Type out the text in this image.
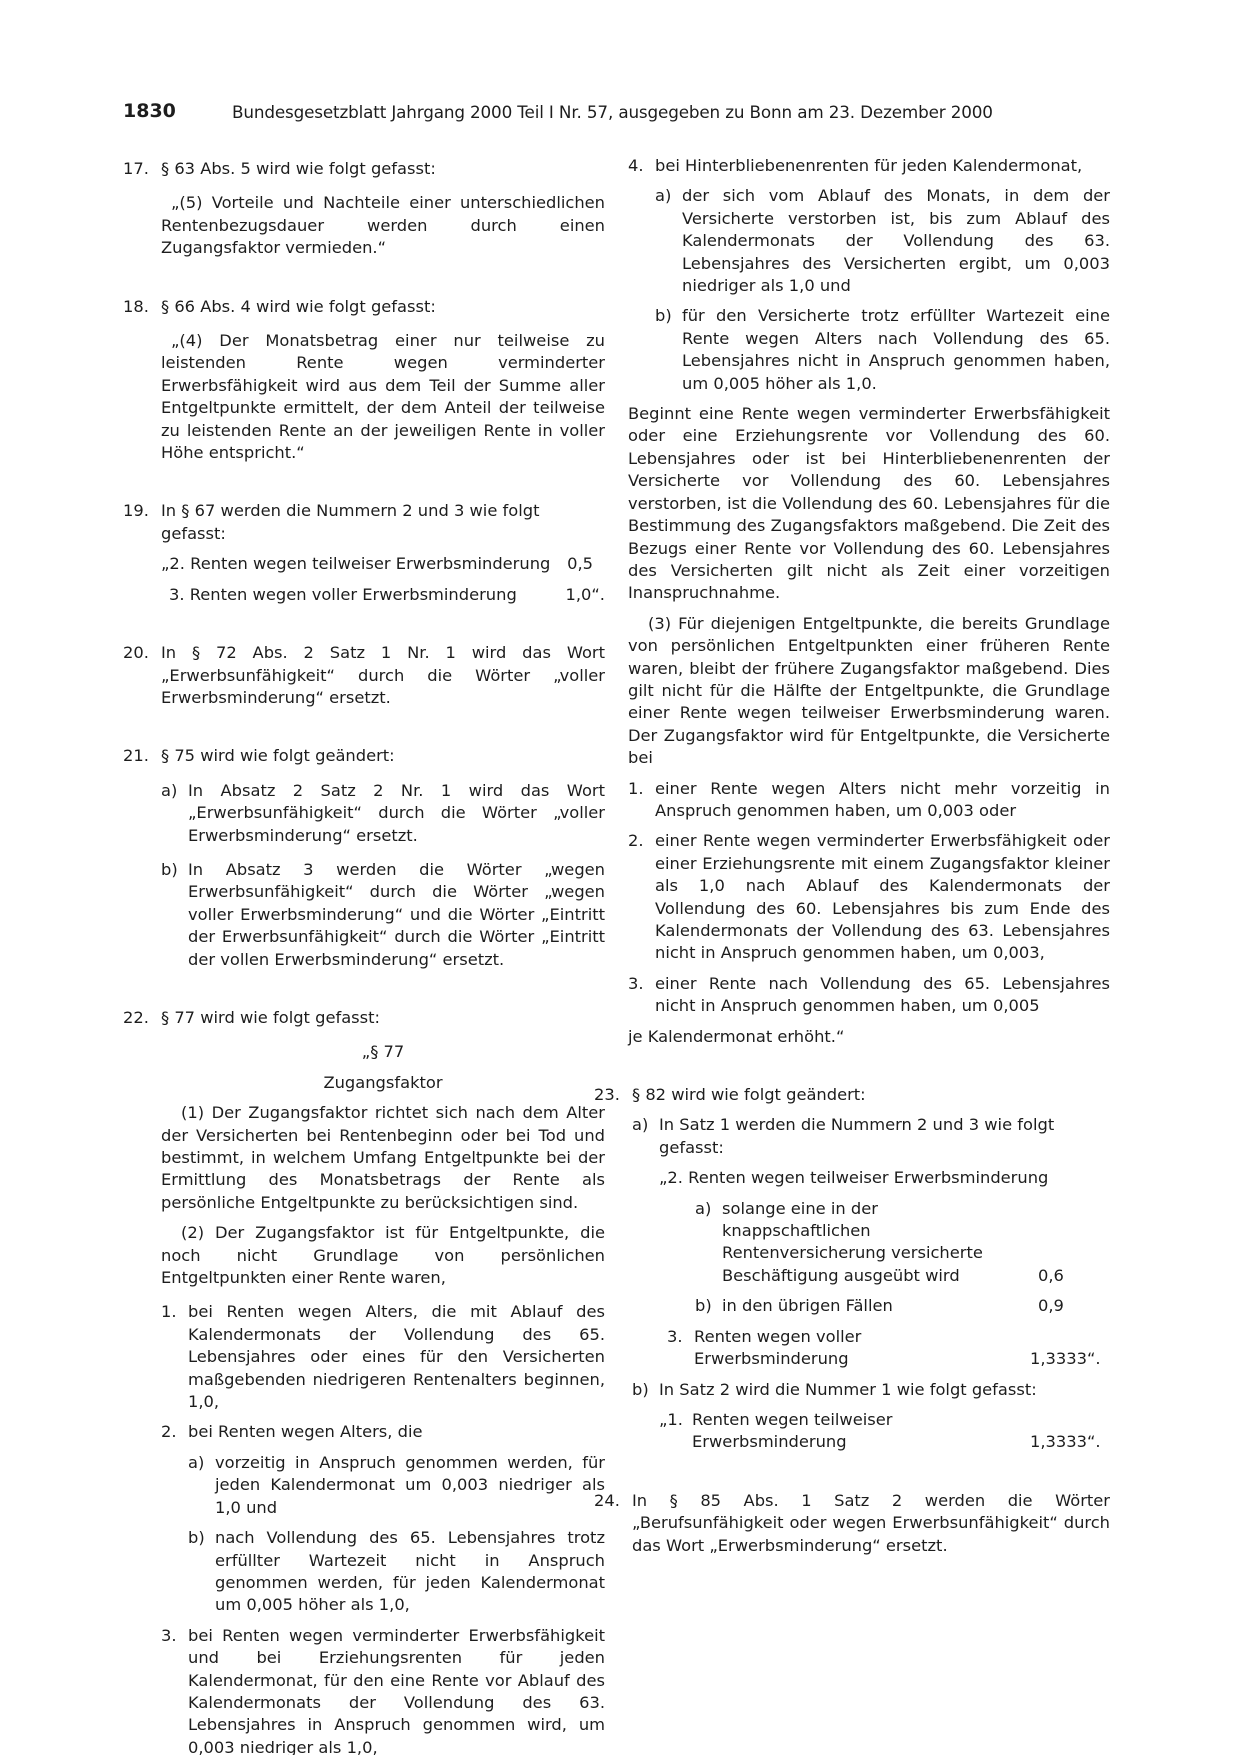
1830	Bundesgesetzblatt Jahrgang 2000 Teil I Nr. 57, ausgegeben zu Bonn am 23. Dezember 2000
17. § 63 Abs. 5 wird wie folgt gefasst:
„(5) Vorteile und Nachteile einer unterschiedlichen Rentenbezugsdauer werden durch einen Zugangsfaktor vermieden.“
18. § 66 Abs. 4 wird wie folgt gefasst:
„(4) Der Monatsbetrag einer nur teilweise zu leistenden Rente wegen verminderter Erwerbsfähigkeit wird aus dem Teil der Summe aller Entgeltpunkte ermittelt, der dem Anteil der teilweise zu leistenden Rente an der jeweiligen Rente in voller Höhe entspricht.“
19. In § 67 werden die Nummern 2 und 3 wie folgt gefasst:
„2. Renten wegen teilweiser Erwerbsminderung	0,5
3. Renten wegen voller Erwerbsminderung	1,0“.
20. In § 72 Abs. 2 Satz 1 Nr. 1 wird das Wort „Erwerbsunfähigkeit“ durch die Wörter „voller Erwerbsminderung“ ersetzt.
21. § 75 wird wie folgt geändert:
a) In Absatz 2 Satz 2 Nr. 1 wird das Wort „Erwerbsunfähigkeit“ durch die Wörter „voller Erwerbsminderung“ ersetzt.
b) In Absatz 3 werden die Wörter „wegen Erwerbsunfähigkeit“ durch die Wörter „wegen voller Erwerbsminderung“ und die Wörter „Eintritt der Erwerbsunfähigkeit“ durch die Wörter „Eintritt der vollen Erwerbsminderung“ ersetzt.
22. § 77 wird wie folgt gefasst:
„§ 77
Zugangsfaktor
(1) Der Zugangsfaktor richtet sich nach dem Alter der Versicherten bei Rentenbeginn oder bei Tod und bestimmt, in welchem Umfang Entgeltpunkte bei der Ermittlung des Monatsbetrags der Rente als persönliche Entgeltpunkte zu berücksichtigen sind.
(2) Der Zugangsfaktor ist für Entgeltpunkte, die noch nicht Grundlage von persönlichen Entgeltpunkten einer Rente waren,
1. bei Renten wegen Alters, die mit Ablauf des Kalendermonats der Vollendung des 65. Lebensjahres oder eines für den Versicherten maßgebenden niedrigeren Rentenalters beginnen, 1,0,
2. bei Renten wegen Alters, die
a) vorzeitig in Anspruch genommen werden, für jeden Kalendermonat um 0,003 niedriger als 1,0 und
b) nach Vollendung des 65. Lebensjahres trotz erfüllter Wartezeit nicht in Anspruch genommen werden, für jeden Kalendermonat um 0,005 höher als 1,0,
3. bei Renten wegen verminderter Erwerbsfähigkeit und bei Erziehungsrenten für jeden Kalendermonat, für den eine Rente vor Ablauf des Kalendermonats der Vollendung des 63. Lebensjahres in Anspruch genommen wird, um 0,003 niedriger als 1,0,
4. bei Hinterbliebenenrenten für jeden Kalendermonat,
a) der sich vom Ablauf des Monats, in dem der Versicherte verstorben ist, bis zum Ablauf des Kalendermonats der Vollendung des 63. Lebensjahres des Versicherten ergibt, um 0,003 niedriger als 1,0 und
b) für den Versicherte trotz erfüllter Wartezeit eine Rente wegen Alters nach Vollendung des 65. Lebensjahres nicht in Anspruch genommen haben, um 0,005 höher als 1,0.
Beginnt eine Rente wegen verminderter Erwerbsfähigkeit oder eine Erziehungsrente vor Vollendung des 60. Lebensjahres oder ist bei Hinterbliebenenrenten der Versicherte vor Vollendung des 60. Lebensjahres verstorben, ist die Vollendung des 60. Lebensjahres für die Bestimmung des Zugangsfaktors maßgebend. Die Zeit des Bezugs einer Rente vor Vollendung des 60. Lebensjahres des Versicherten gilt nicht als Zeit einer vorzeitigen Inanspruchnahme.
(3) Für diejenigen Entgeltpunkte, die bereits Grundlage von persönlichen Entgeltpunkten einer früheren Rente waren, bleibt der frühere Zugangsfaktor maßgebend. Dies gilt nicht für die Hälfte der Entgeltpunkte, die Grundlage einer Rente wegen teilweiser Erwerbsminderung waren. Der Zugangsfaktor wird für Entgeltpunkte, die Versicherte bei
1. einer Rente wegen Alters nicht mehr vorzeitig in Anspruch genommen haben, um 0,003 oder
2. einer Rente wegen verminderter Erwerbsfähigkeit oder einer Erziehungsrente mit einem Zugangsfaktor kleiner als 1,0 nach Ablauf des Kalendermonats der Vollendung des 60. Lebensjahres bis zum Ende des Kalendermonats der Vollendung des 63. Lebensjahres nicht in Anspruch genommen haben, um 0,003,
3. einer Rente nach Vollendung des 65. Lebensjahres nicht in Anspruch genommen haben, um 0,005
je Kalendermonat erhöht.“
23. § 82 wird wie folgt geändert:
a) In Satz 1 werden die Nummern 2 und 3 wie folgt gefasst:
„2. Renten wegen teilweiser Erwerbsminderung
a) solange eine in der knappschaftlichen Rentenversicherung versicherte Beschäftigung ausgeübt wird	0,6
b) in den übrigen Fällen	0,9
3. Renten wegen voller Erwerbsminderung	1,3333“.
b) In Satz 2 wird die Nummer 1 wie folgt gefasst:
„1. Renten wegen teilweiser Erwerbsminderung	1,3333“.
24. In § 85 Abs. 1 Satz 2 werden die Wörter „Berufsunfähigkeit oder wegen Erwerbsunfähigkeit“ durch das Wort „Erwerbsminderung“ ersetzt.
